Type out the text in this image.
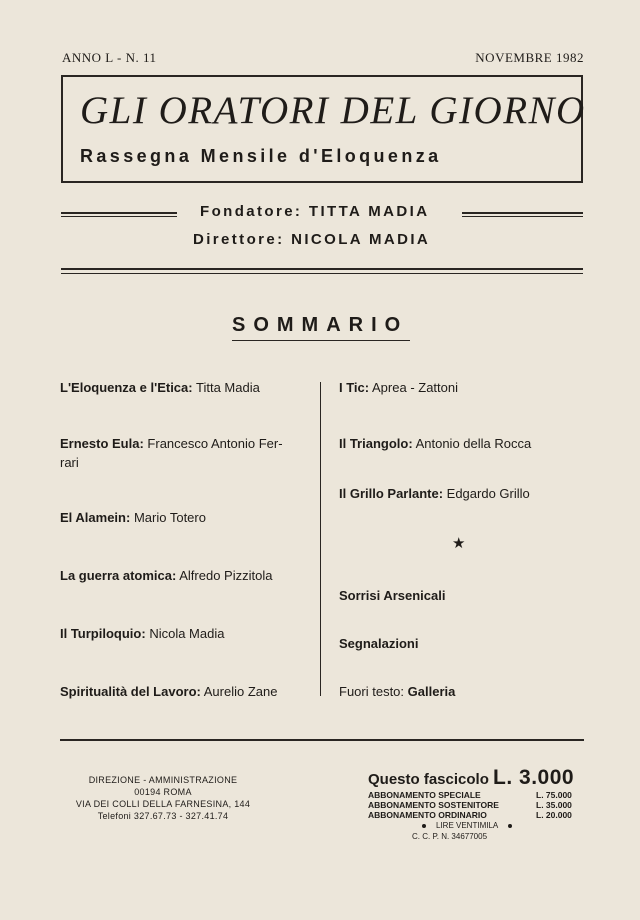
ANNO L - N. 11	NOVEMBRE 1982
GLI ORATORI DEL GIORNO
Rassegna Mensile d'Eloquenza
Fondatore: TITTA MADIA
Direttore: NICOLA MADIA
SOMMARIO
L'Eloquenza e l'Etica: Titta Madia
Ernesto Eula: Francesco Antonio Fer-
rari
El Alamein: Mario Totero
La guerra atomica: Alfredo Pizzitola
Il Turpiloquio: Nicola Madia
Spiritualità del Lavoro: Aurelio Zane
I Tic: Aprea - Zattoni
Il Triangolo: Antonio della Rocca
Il Grillo Parlante: Edgardo Grillo
★
Sorrisi Arsenicali
Segnalazioni
Fuori testo: Galleria
DIREZIONE - AMMINISTRAZIONE
00194 ROMA
VIA DEI COLLI DELLA FARNESINA, 144
Telefoni 327.67.73 - 327.41.74
Questo fascicolo L. 3.000
ABBONAMENTO SPECIALE	L. 75.000
ABBONAMENTO SOSTENITORE	L. 35.000
ABBONAMENTO ORDINARIO	L. 20.000
LIRE VENTIMILA
C. C. P. N. 34677005
